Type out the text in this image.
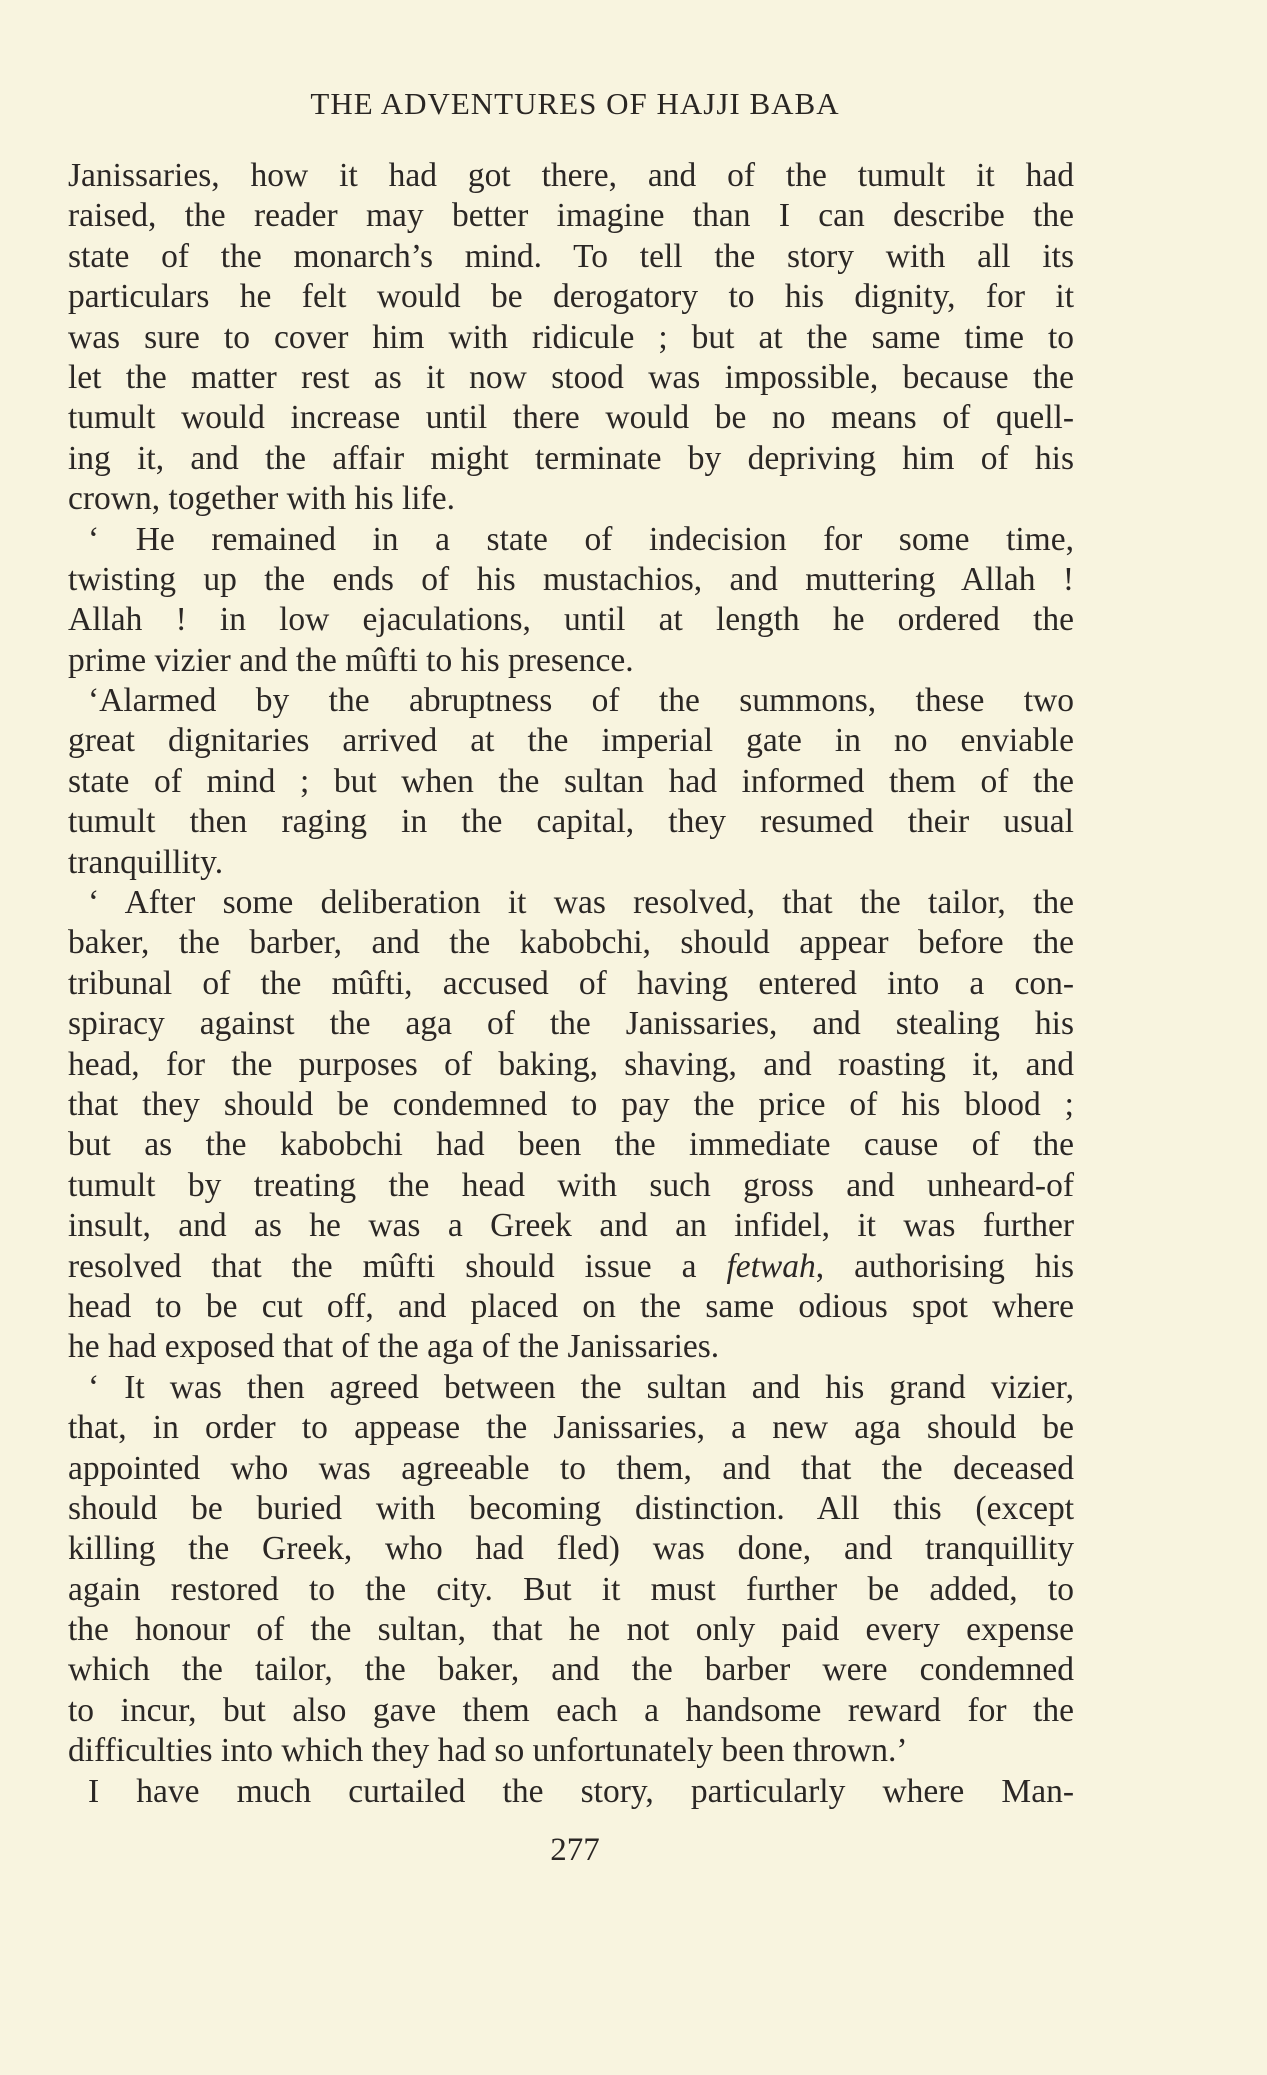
THE ADVENTURES OF HAJJI BABA
Janissaries, how it had got there, and of the tumult it had
raised, the reader may better imagine than I can describe the
state of the monarch’s mind. To tell the story with all its
particulars he felt would be derogatory to his dignity, for it
was sure to cover him with ridicule ; but at the same time to
let the matter rest as it now stood was impossible, because the
tumult would increase until there would be no means of quell-
ing it, and the affair might terminate by depriving him of his
crown, together with his life.
‘ He remained in a state of indecision for some time,
twisting up the ends of his mustachios, and muttering Allah !
Allah ! in low ejaculations, until at length he ordered the
prime vizier and the mûfti to his presence.
‘Alarmed by the abruptness of the summons, these two
great dignitaries arrived at the imperial gate in no enviable
state of mind ; but when the sultan had informed them of the
tumult then raging in the capital, they resumed their usual
tranquillity.
‘ After some deliberation it was resolved, that the tailor, the
baker, the barber, and the kabobchi, should appear before the
tribunal of the mûfti, accused of having entered into a con-
spiracy against the aga of the Janissaries, and stealing his
head, for the purposes of baking, shaving, and roasting it, and
that they should be condemned to pay the price of his blood ;
but as the kabobchi had been the immediate cause of the
tumult by treating the head with such gross and unheard-of
insult, and as he was a Greek and an infidel, it was further
resolved that the mûfti should issue a fetwah, authorising his
head to be cut off, and placed on the same odious spot where
he had exposed that of the aga of the Janissaries.
‘ It was then agreed between the sultan and his grand vizier,
that, in order to appease the Janissaries, a new aga should be
appointed who was agreeable to them, and that the deceased
should be buried with becoming distinction. All this (except
killing the Greek, who had fled) was done, and tranquillity
again restored to the city. But it must further be added, to
the honour of the sultan, that he not only paid every expense
which the tailor, the baker, and the barber were condemned
to incur, but also gave them each a handsome reward for the
difficulties into which they had so unfortunately been thrown.’
I have much curtailed the story, particularly where Man-
277
